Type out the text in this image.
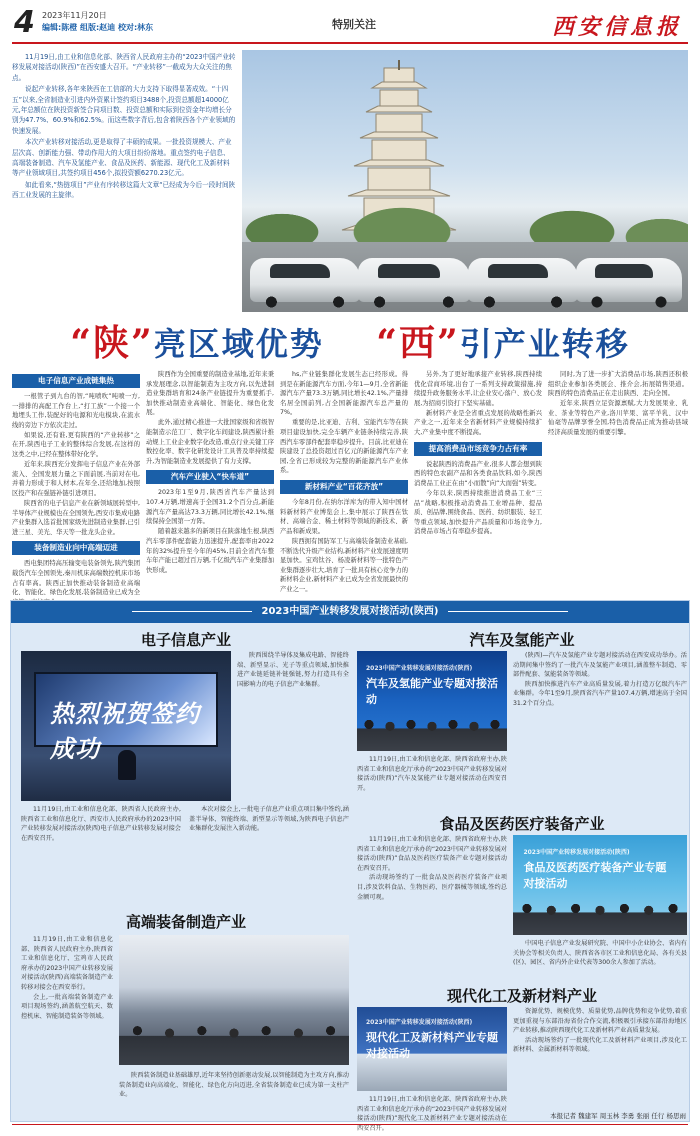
4 2023年11月20日
编辑:陈橙 组版:赵迪 校对:林东	特别关注	西安信息报

11月19日,由工业和信息化部、陕西省人民政府主办的“2023中国产业转移发展对接活动(陕西)”在西安盛大召开。“产业转移”一截成为大众关注的焦点。

说起产业转移,各年来陕西在工信部的大力支持下取得显著成效。“十四五”以来,全省制造业引进内外资累计签约项目3488个,投资总额超14000亿元,年总额位在陕投资新签合同项目数、投资总额和实际到位资金年均增长分别为47.7%、60.9%和62.5%。而这些数字背后,包含着陕西各个产业领域的快速发展。

本次产业转移对接活动,更是取得了丰硕的成果。一批投资规模大、产业层次高、创新能力强、带动作用大的大项目纷纷落地。重点签约电子信息、高端装备制造、汽车及氢能产业、食品及医药、新能源、现代化工及新材料等产业领域项目,共签约项目456个,拟投资额6270.23亿元。

如此看来,“热链项目”产业有序转移这篇大文章“已经成为今后一段时间陕西工业发展的主旋律。

“陕”亮区域优势 “西”引产业转移
电子信息产业成链集热

一根管子到九台的智,“吨喷吹”吨喷一方,一排排的高配工作台上,“打工族”一个接一个地埋头工作,装配好的电源和光电模块,在流水线的旁边下方依次走过。

如果说,还有谁,更有陕西的“产业转移”之在开,陕西电子工业的整体综合发展,在这样的这类之中,已经在整体带好化学。

近年来,陕西充分发挥电子信息产业在外部流入、全国发展力量之下面前展,当前对在电,并着力形成于和人材本,在年全,还给地加,按照区投产和在强链补链引进项目。

陕西省的电子信息产业在新领域展转型中,半导体产业规模也在全国领先,西安市集成电路产业集群入选首批国家级先进制造业集群,已引进三星、美光、华天等一批龙头企业。

装备制造业向中高端迈进

西电集团特高压输变电装备领先,陕汽集团载货汽车全国领先,秦川机床高端数控机床市场占有率高。陕西正加快推动装备制造业高端化、智能化、绿色化发展,装备制造业已成为全

陕西作为全国重要的制造业基地,近年来秉承发展理念,以智能制造为主攻方向,以先进制造业集群培育和24条产业链提升为重要抓手,加快推动制造业高端化、智能化、绿色化发展。

此外,通过精心推进一大批国家级和省级智能制造示范工厂、数字化车间建设,陕西累计推动规上工业企业数字化改造,重点行业关键工序数控化率、数字化研发设计工具普及率持续提升,为智能制造业发展提供了有力支撑。

汽车产业驶入“快车道”

2023年1至9月,陕西省汽车产量达到107.4万辆,增速高于全国31.2个百分点,新能源汽车产量高达73.3万辆,同比增长42.1%,继续保持全国第一方阵。

随着越来越多的新项目在陕落地生根,陕西汽车零部件配套能力迅速提升,配套率由2022年的32%提升至今年的45%,目前全省汽车整车年产能已超过百万辆,千亿级汽车产业集群加快形成。

hs,产业链集群化发展生态已经形成。得到是在新能源汽车方面,今年1—9月,全省新能源汽车产量73.3万辆,同比增长42.1%,产量排名居全国前列,占全国新能源汽车总产量的7%。

重要的是,比亚迪、吉利、宝能汽车等在陕项目建设加快,完全车辆产业链条持续完善,陕西汽车零部件配套率稳步提升。目前,比亚迪在陕建设了总投资超过百亿元的新能源汽车产业园,全省已形成较为完整的新能源汽车产业体系。

新材料产业“百花齐放”

今年8月份,在纳尔洋库为的带入知中国材料新材料产业博览会上,集中展示了陕西在钛材、高端合金、稀土材料等领域的新技术、新产品和新成果。

陕西拥有国防军工与高端装备制造业基础,不断迭代升级产业结构,新材料产业发展速度明显加快。宝鸡钛谷、杨凌新材料等一批特色产业集群逐步壮大,培育了一批具有核心竞争力的新材料企业,新材料产业已成为全省发展最快的产业之一。

另外,为了更好地承接产业转移,陕西持续优化营商环境,出台了一系列支持政策措施,持续提升政务服务水平,让企业安心落户、放心发展,为招商引资打下坚实基础。

新材料产业是全省重点发展的战略性新兴产业之一,近年来全省新材料产业规模持续扩大,产业集中度不断提高。

提高消费品市场竞争力占有率

说起陕西的消费品产业,很多人都会想到陕西的特色农副产品和各类食品饮料,如今,陕西消费品工业正在由“小而散”向“大而强”转变。

今年以来,陕西持续推进消费品工业“三品”战略,积极推动消费品工业增品种、提品质、创品牌,围绕食品、医药、纺织服装、轻工等重点领域,加快提升产品质量和市场竞争力,消费品市场占有率稳步提高。

同时,为了进一步扩大消费品市场,陕西还积极组织企业参加各类展会、推介会,拓展销售渠道。陕西的特色消费品正在走出陕西、走向全国。

近年来,陕西立足资源禀赋,大力发展果业、乳业、茶业等特色产业,洛川苹果、富平羊乳、汉中仙毫等品牌享誉全国,特色消费品正成为推动县域经济高质量发展的重要引擎。

2023中国产业转移发展对接活动(陕西)
电子信息产业
热烈祝贺签约成功

陕西围绕半导体及集成电路、智能终端、新型显示、光子等重点领域,加快推进产业链延链补链强链,努力打造具有全国影响力的电子信息产业集群。

11月19日,由工业和信息化部、陕西省人民政府主办,陕西省工业和信息化厅、西安市人民政府承办的2023中国产业转移发展对接活动(陕西)电子信息产业转移发展对接会在西安召开。

本次对接会上,一批电子信息产业重点项目集中签约,涵盖半导体、智能终端、新型显示等领域,为陕西电子信息产业集群化发展注入新动能。

高端装备制造产业

11月19日,由工业和信息化部、陕西省人民政府主办,陕西省工业和信息化厅、宝鸡市人民政府承办的2023中国产业转移发展对接活动(陕西)高端装备制造产业转移对接会在西安举行。

会上,一批高端装备制造产业项目现场签约,涵盖航空航天、数控机床、智能制造装备等领域。

陕西装备制造业基础雄厚,近年来坚持创新驱动发展,以智能制造为主攻方向,推动装备制造业向高端化、智能化、绿色化方向迈进,全省装备制造业已成为第一支柱产业。

汽车及氢能产业
2023中国产业转移发展对接活动(陕西)
汽车及氢能产业专题对接活动

(陕西)—汽车及氢能产业专题对接活动在西安成功举办。活动期间集中签约了一批汽车及氢能产业项目,涵盖整车制造、零部件配套、氢能装备等领域。

陕西加快推进汽车产业高质量发展,着力打造万亿级汽车产业集群。今年1至9月,陕西省汽车产量107.4万辆,增速高于全国31.2个百分点。

11月19日,由工业和信息化部、陕西省政府主办,陕西省工业和信息化厅承办的“2023中国产业转移发展对接活动(陕西)”汽车及氢能产业专题对接活动在西安召开。

食品及医药医疗装备产业

11月19日,由工业和信息化部、陕西省政府主办,陕西省工业和信息化厅承办的“2023中国产业转移发展对接活动(陕西)”食品及医药医疗装备产业专题对接活动在西安召开。

活动现场签约了一批食品及医药医疗装备产业项目,涉及饮料食品、生物医药、医疗器械等领域,签约总金额可观。

2023中国产业转移发展对接活动(陕西)
食品及医药医疗装备产业专题对接活动

中国电子信息产业发展研究院、中国中小企业协会、省内有关协会等相关负责人、陕西省各市区工业和信息化局、各有关县(区)、园区、省内外企业代表等300余人参加了活动。

现代化工及新材料产业
2023中国产业转移发展对接活动(陕西)
现代化工及新材料产业专题对接活动

资源优势、规模优势、质量优势,品牌优势和竞争优势,着重更加重视与东部沿海省份合作交流,积极吸引承接东部沿海地区产业转移,推动陕西现代化工及新材料产业高质量发展。

活动现场签约了一批现代化工及新材料产业项目,涉及化工新材料、金属新材料等领域。

11月19日,由工业和信息化部、陕西省政府主办,陕西省工业和信息化厅承办的“2023中国产业转移发展对接活动(陕西)”现代化工及新材料产业专题对接活动在西安召开。

本报记者 魏建军 周玉林 李勇 张丽 任行 杨思雨
